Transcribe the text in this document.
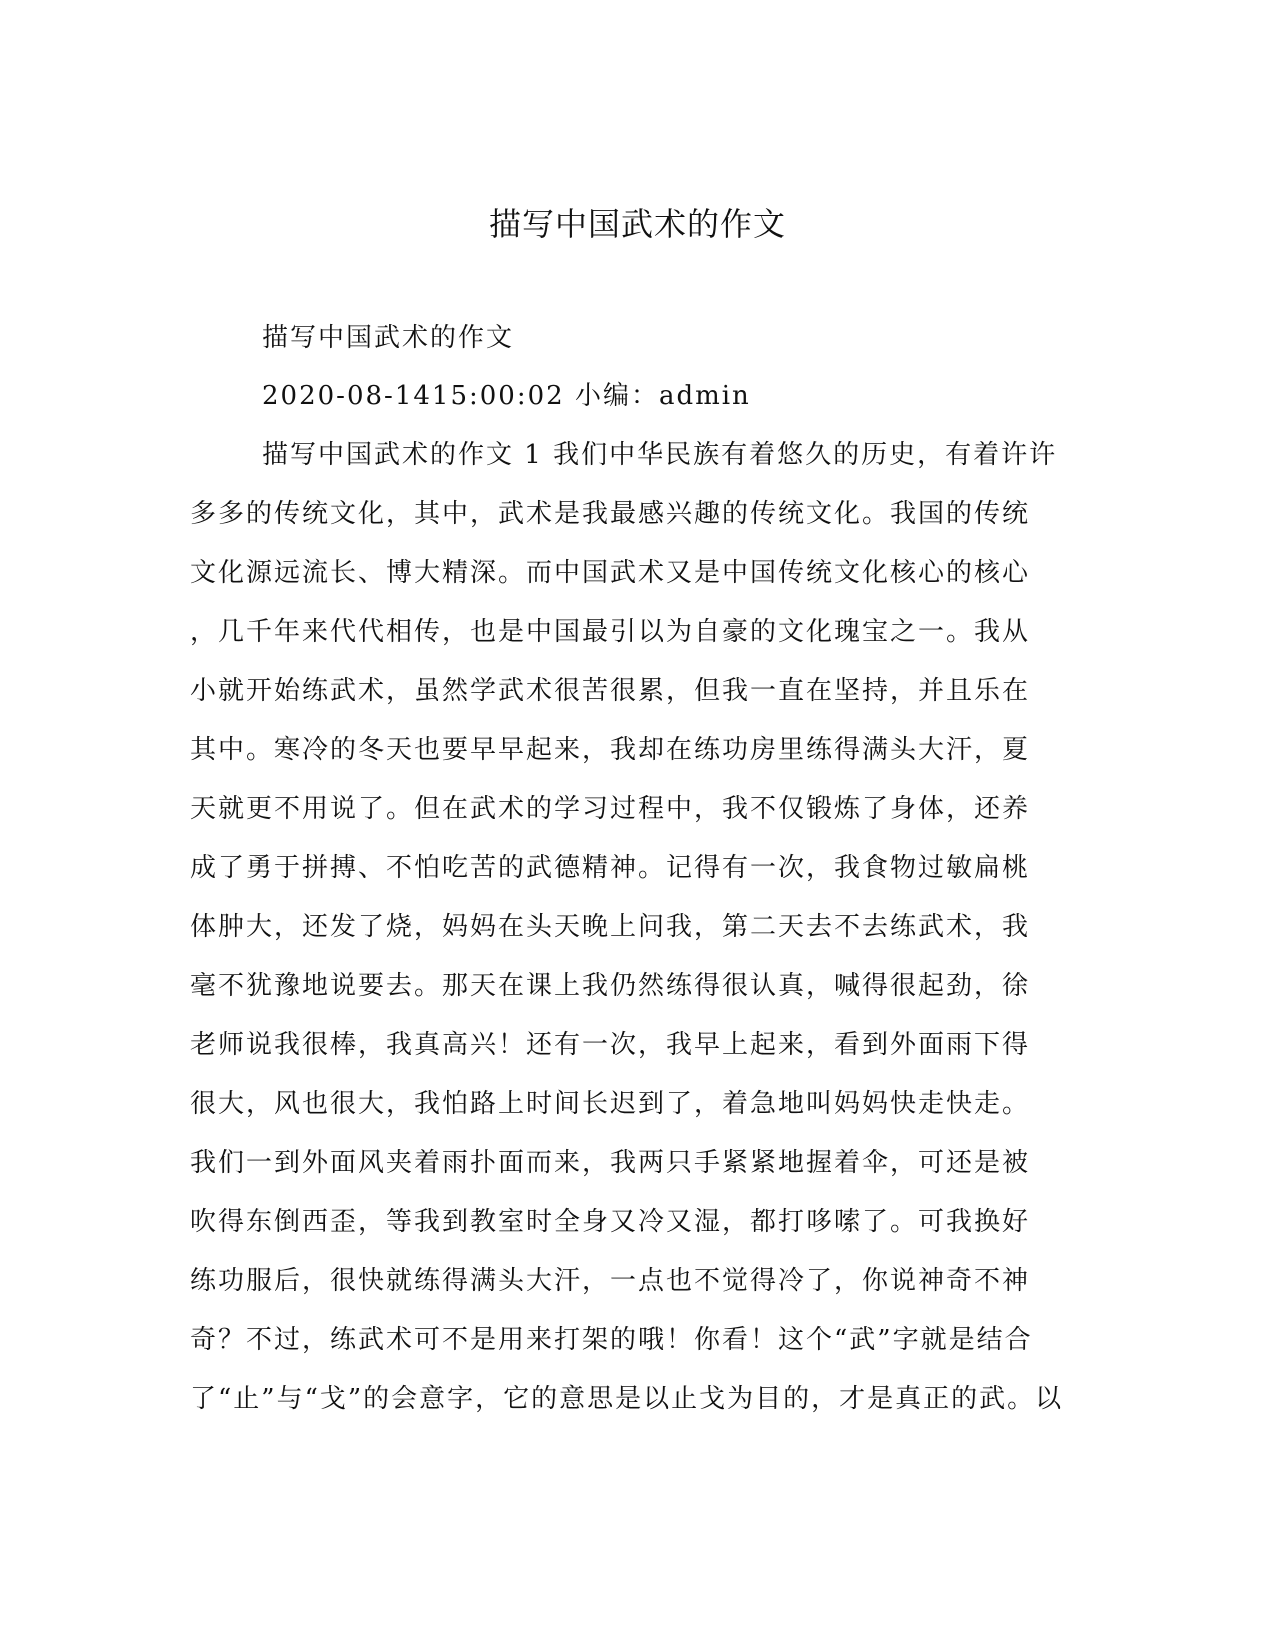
描写中国武术的作文
描写中国武术的作文
2020-08-1415:00:02 小编：admin
描写中国武术的作文 1 我们中华民族有着悠久的历史，有着许许
多多的传统文化，其中，武术是我最感兴趣的传统文化。我国的传统
文化源远流长、博大精深。而中国武术又是中国传统文化核心的核心
，几千年来代代相传，也是中国最引以为自豪的文化瑰宝之一。我从
小就开始练武术，虽然学武术很苦很累，但我一直在坚持，并且乐在
其中。寒冷的冬天也要早早起来，我却在练功房里练得满头大汗，夏
天就更不用说了。但在武术的学习过程中，我不仅锻炼了身体，还养
成了勇于拼搏、不怕吃苦的武德精神。记得有一次，我食物过敏扁桃
体肿大，还发了烧，妈妈在头天晚上问我，第二天去不去练武术，我
毫不犹豫地说要去。那天在课上我仍然练得很认真，喊得很起劲，徐
老师说我很棒，我真高兴！还有一次，我早上起来，看到外面雨下得
很大，风也很大，我怕路上时间长迟到了，着急地叫妈妈快走快走。
我们一到外面风夹着雨扑面而来，我两只手紧紧地握着伞，可还是被
吹得东倒西歪，等我到教室时全身又冷又湿，都打哆嗦了。可我换好
练功服后，很快就练得满头大汗，一点也不觉得冷了，你说神奇不神
奇？不过，练武术可不是用来打架的哦！你看！这个“武”字就是结合
了“止”与“戈”的会意字，它的意思是以止戈为目的，才是真正的武。以
